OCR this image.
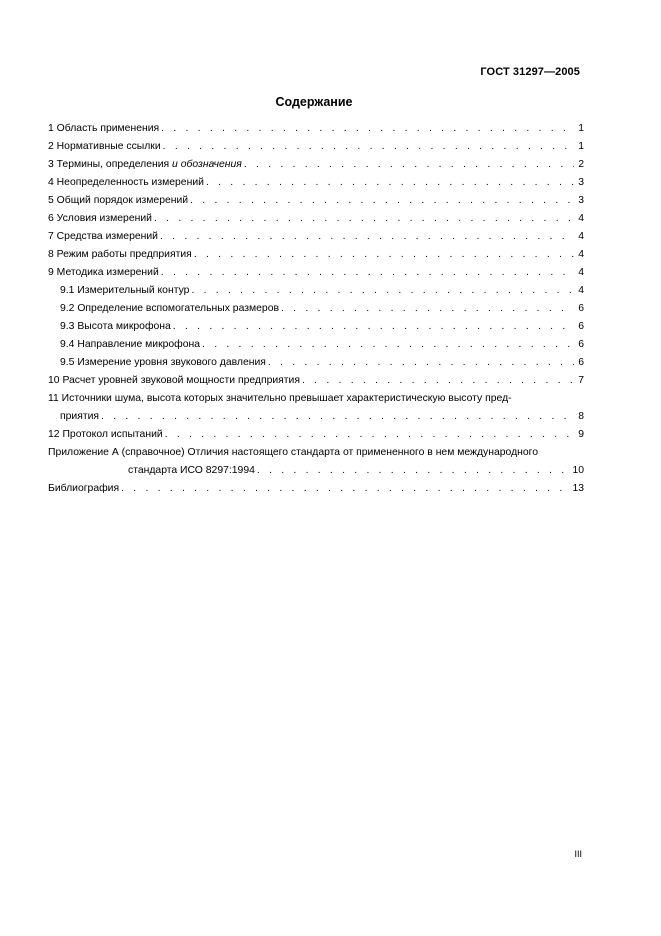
ГОСТ 31297—2005
Содержание
1 Область применения . . .	1
2 Нормативные ссылки . . .	1
3 Термины, определения и обозначения . . .	2
4 Неопределенность измерений . . .	3
5 Общий порядок измерений . . .	3
6 Условия измерений . . .	4
7 Средства измерений . . .	4
8 Режим работы предприятия . . .	4
9 Методика измерений . . .	4
9.1 Измерительный контур . . .	4
9.2 Определение вспомогательных размеров . . .	6
9.3 Высота микрофона . . .	6
9.4 Направление микрофона . . .	6
9.5 Измерение уровня звукового давления . . .	6
10 Расчет уровней звуковой мощности предприятия . . .	7
11 Источники шума, высота которых значительно превышает характеристическую высоту пред-
приятия . . .	8
12 Протокол испытаний . . .	9
Приложение А (справочное) Отличия настоящего стандарта от примененного в нем международного
стандарта ИСО 8297:1994 . . .	10
Библиография . . .	13
III
